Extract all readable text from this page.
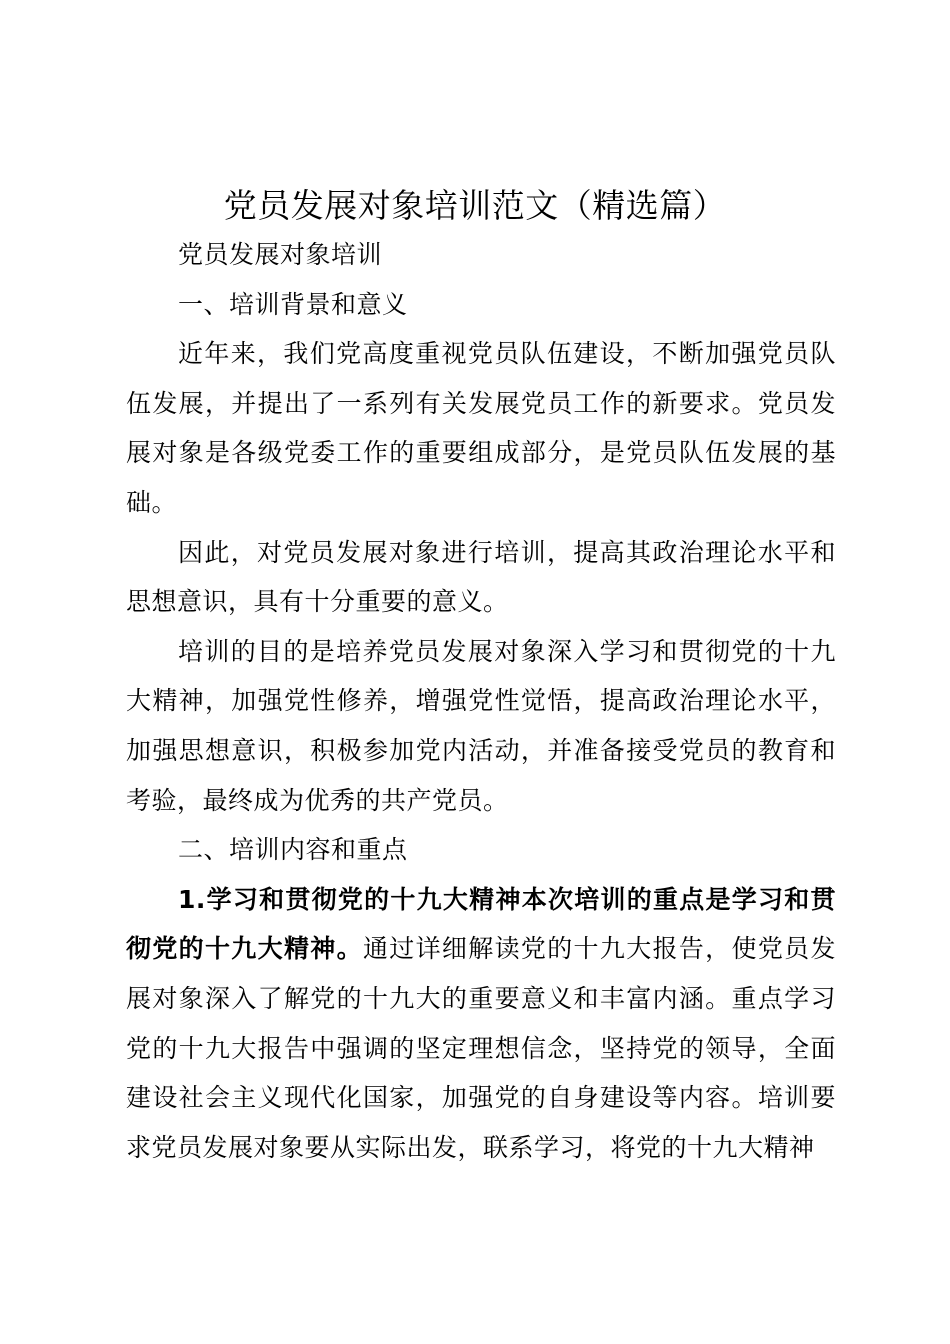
党员发展对象培训范文（精选篇）

党员发展对象培训

一、培训背景和意义

近年来，我们党高度重视党员队伍建设，不断加强党员队伍发展，并提出了一系列有关发展党员工作的新要求。党员发展对象是各级党委工作的重要组成部分，是党员队伍发展的基础。

因此，对党员发展对象进行培训，提高其政治理论水平和思想意识，具有十分重要的意义。

培训的目的是培养党员发展对象深入学习和贯彻党的十九大精神，加强党性修养，增强党性觉悟，提高政治理论水平，加强思想意识，积极参加党内活动，并准备接受党员的教育和考验，最终成为优秀的共产党员。

二、培训内容和重点

1.学习和贯彻党的十九大精神本次培训的重点是学习和贯彻党的十九大精神。通过详细解读党的十九大报告，使党员发展对象深入了解党的十九大的重要意义和丰富内涵。重点学习党的十九大报告中强调的坚定理想信念，坚持党的领导，全面建设社会主义现代化国家，加强党的自身建设等内容。培训要求党员发展对象要从实际出发，联系学习，将党的十九大精神
